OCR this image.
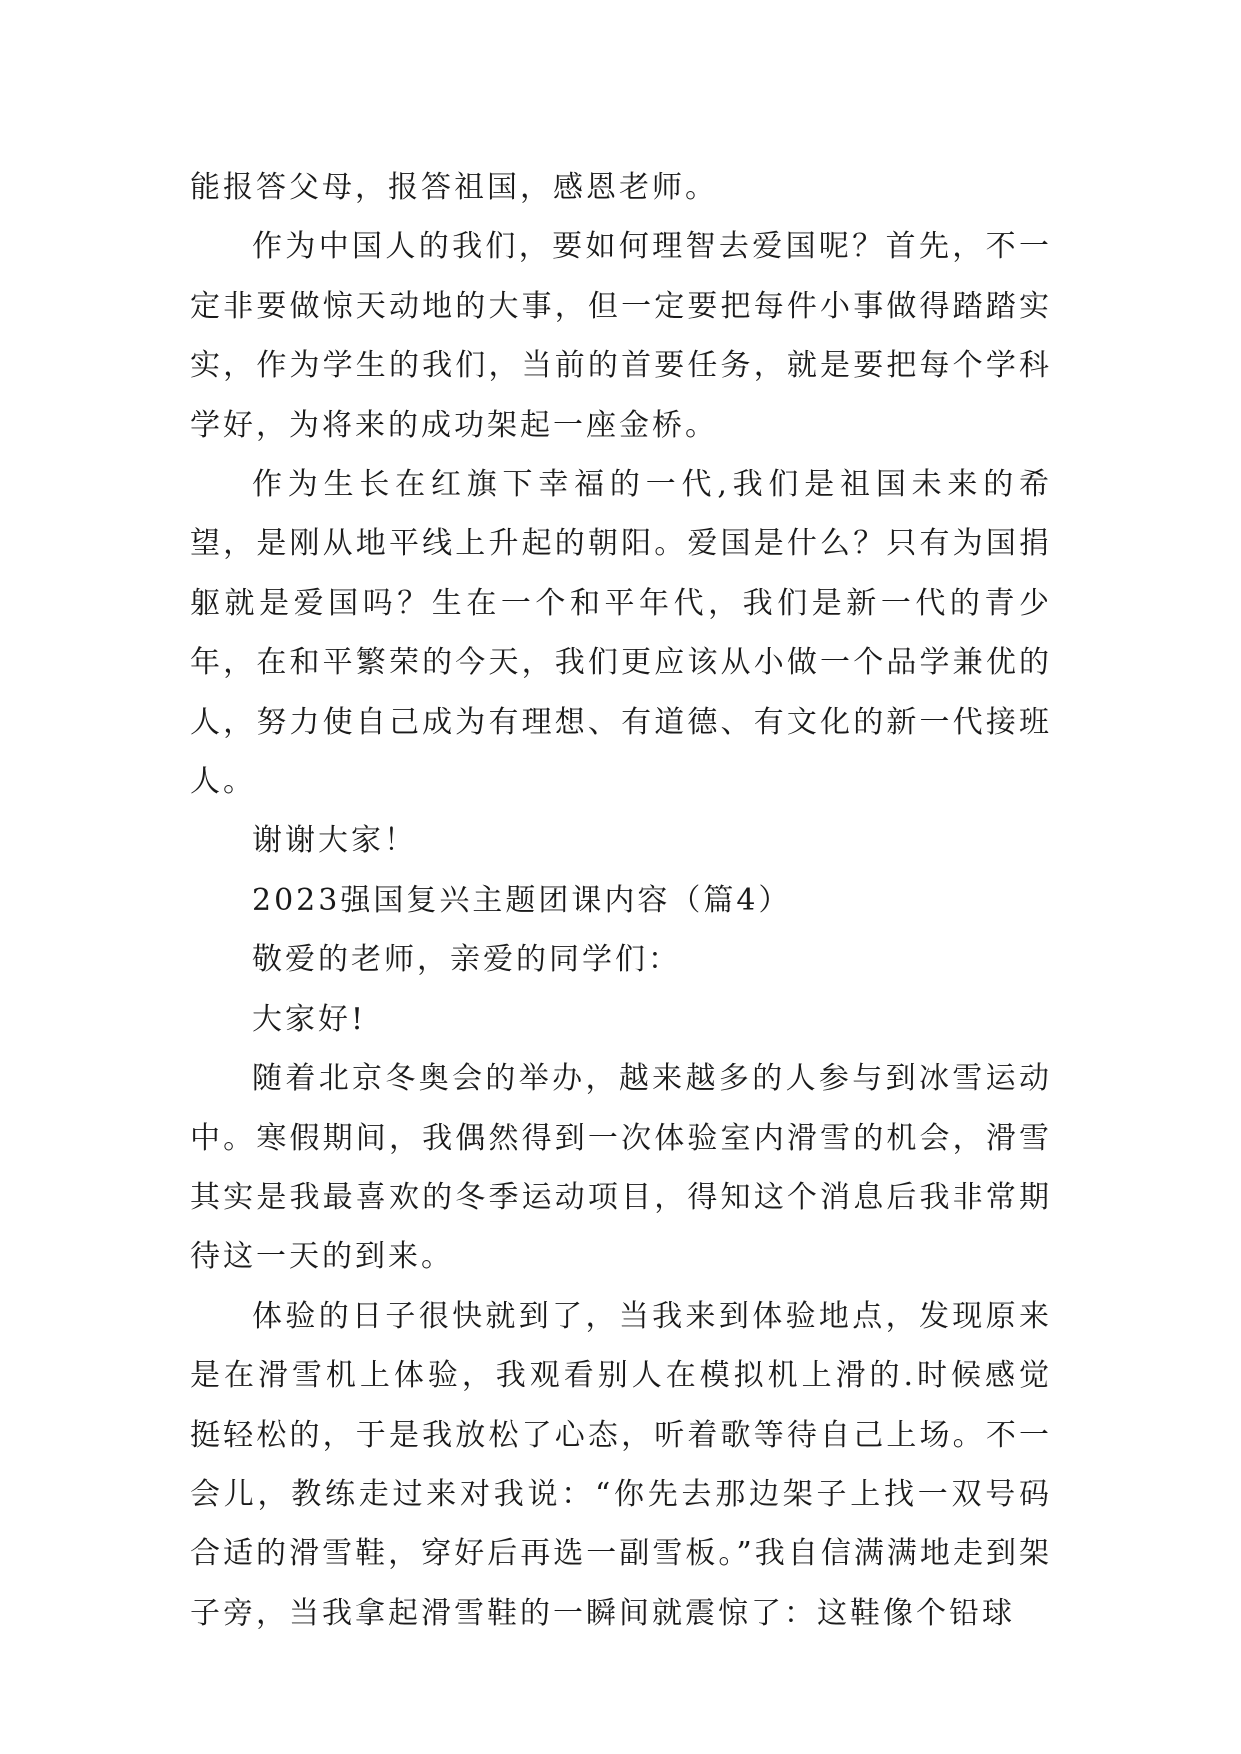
能报答父母，报答祖国，感恩老师。

作为中国人的我们，要如何理智去爱国呢？首先，不一定非要做惊天动地的大事，但一定要把每件小事做得踏踏实实，作为学生的我们，当前的首要任务，就是要把每个学科学好，为将来的成功架起一座金桥。

作为生长在红旗下幸福的一代,我们是祖国未来的希望，是刚从地平线上升起的朝阳。爱国是什么？只有为国捐躯就是爱国吗？生在一个和平年代，我们是新一代的青少年，在和平繁荣的今天，我们更应该从小做一个品学兼优的人，努力使自己成为有理想、有道德、有文化的新一代接班人。

谢谢大家！

2023强国复兴主题团课内容（篇4）

敬爱的老师，亲爱的同学们：

大家好!

随着北京冬奥会的举办，越来越多的人参与到冰雪运动中。寒假期间，我偶然得到一次体验室内滑雪的机会，滑雪其实是我最喜欢的冬季运动项目，得知这个消息后我非常期待这一天的到来。

体验的日子很快就到了，当我来到体验地点，发现原来是在滑雪机上体验，我观看别人在模拟机上滑的.时候感觉挺轻松的，于是我放松了心态，听着歌等待自己上场。不一会儿，教练走过来对我说：“你先去那边架子上找一双号码合适的滑雪鞋，穿好后再选一副雪板。”我自信满满地走到架子旁，当我拿起滑雪鞋的一瞬间就震惊了：这鞋像个铅球
